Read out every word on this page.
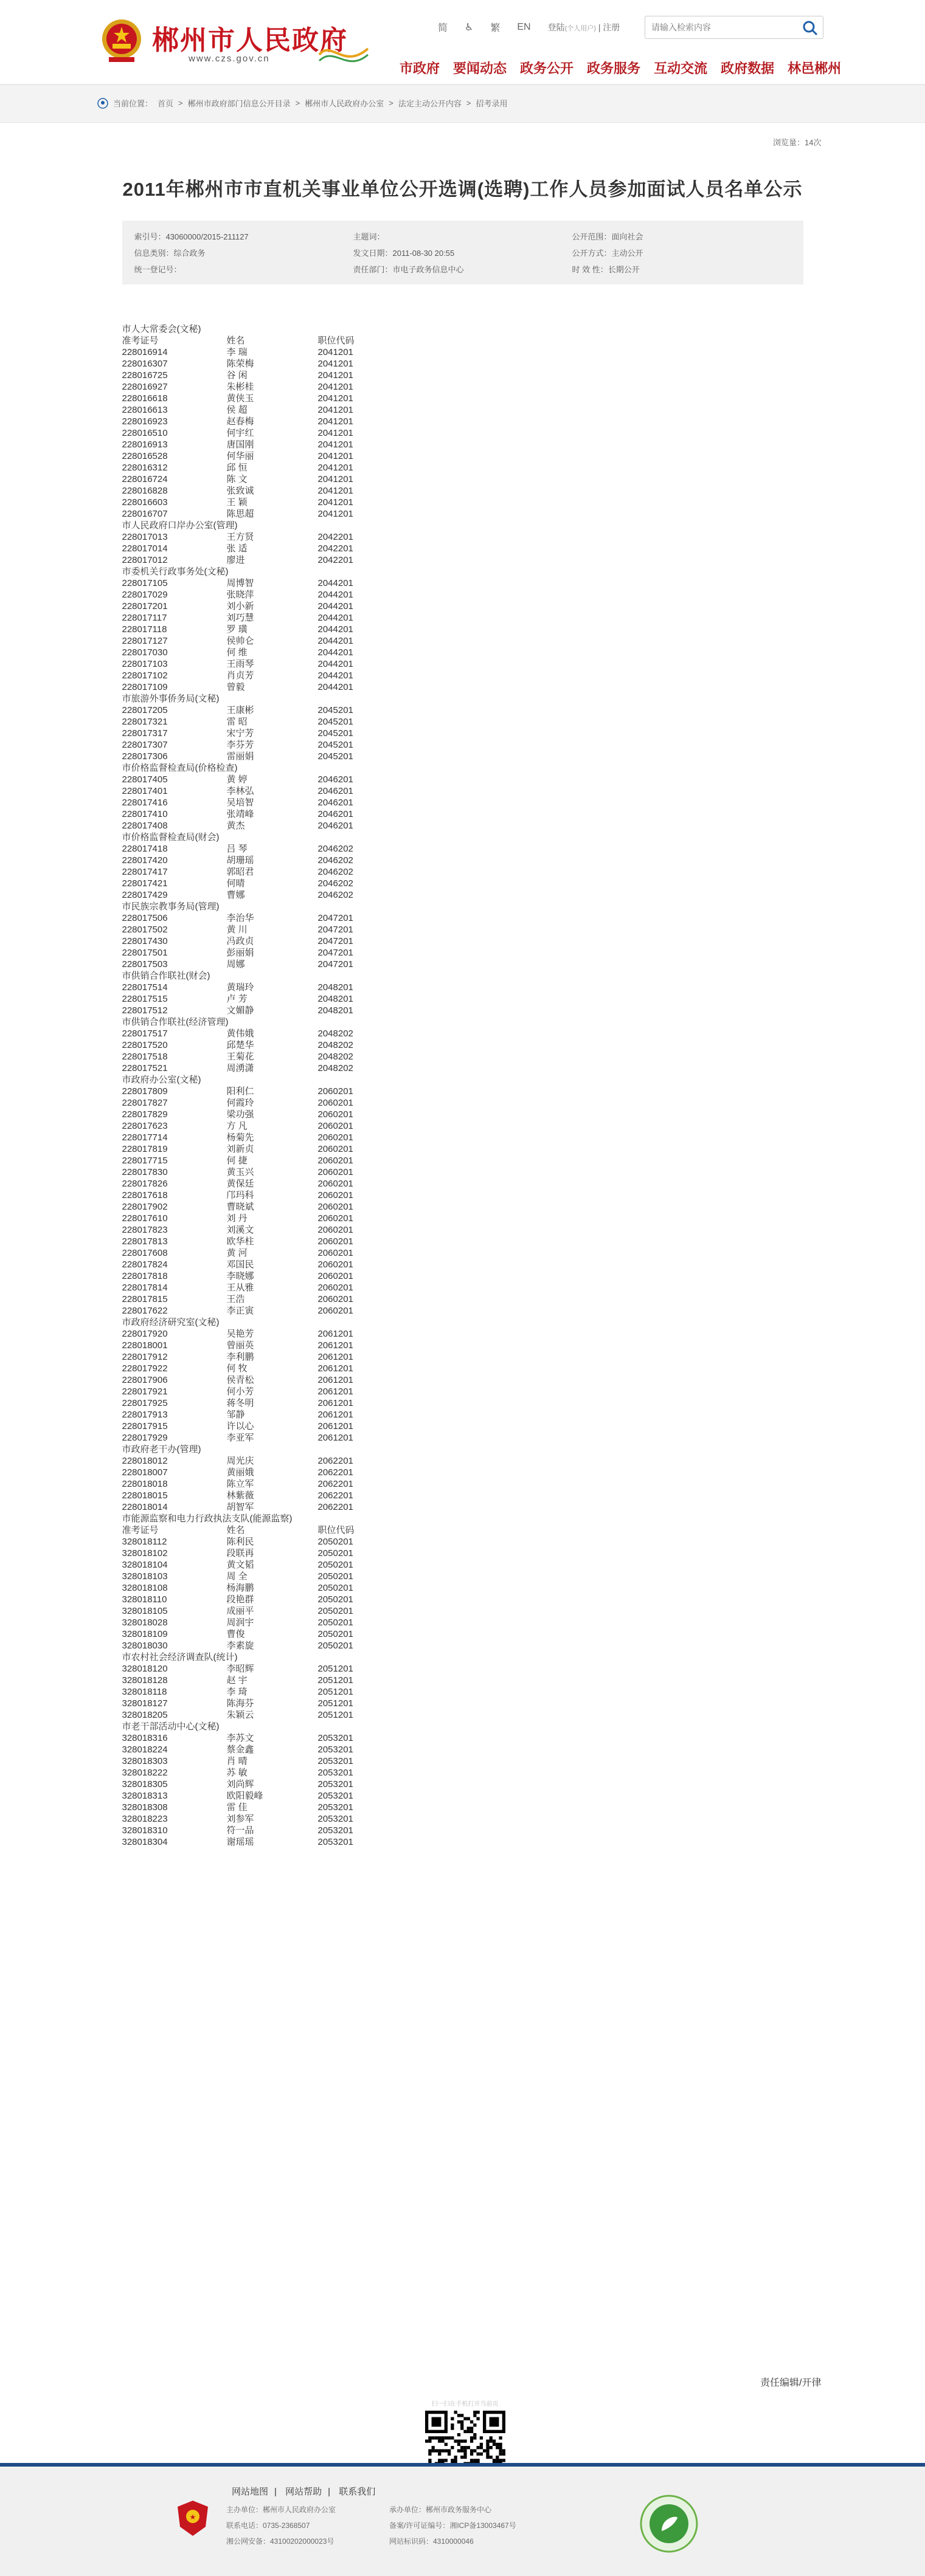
郴州市人民政府
www.czs.gov.cn
简 ♿ 繁 EN 登陆(个人用户) | 注册
请输入检索内容
市政府	要闻动态	政务公开	政务服务	互动交流	政府数据	林邑郴州
当前位置： 首页 > 郴州市政府部门信息公开目录 > 郴州市人民政府办公室 > 法定主动公开内容 > 招考录用
浏览量：14次
2011年郴州市市直机关事业单位公开选调(选聘)工作人员参加面试人员名单公示
索引号：43060000/2015-211127	主题词：	公开范围：面向社会
信息类别：综合政务	发文日期：2011-08-30 20:55	公开方式：主动公开
统一登记号：	责任部门：市电子政务信息中心	时 效 性：长期公开
市人大常委会(文秘)
准考证号	姓名	职位代码
228016914	李 瑞	2041201
228016307	陈荣梅	2041201
228016725	谷 闲	2041201
228016927	朱彬桂	2041201
228016618	黄侠玉	2041201
228016613	侯 超	2041201
228016923	赵春梅	2041201
228016510	何宇红	2041201
228016913	唐国刚	2041201
228016528	何华丽	2041201
228016312	邱 恒	2041201
228016724	陈 文	2041201
228016828	张致诚	2041201
228016603	王 颖	2041201
228016707	陈思超	2041201
市人民政府口岸办公室(管理)
228017013	王方贤	2042201
228017014	张 适	2042201
228017012	廖进	2042201
市委机关行政事务处(文秘)
228017105	周博智	2044201
228017029	张晓萍	2044201
228017201	刘小新	2044201
228017117	刘巧慧	2044201
228017118	罗 璜	2044201
228017127	侯帅仑	2044201
228017030	何 维	2044201
228017103	王雨琴	2044201
228017102	肖贞芳	2044201
228017109	曾毅	2044201
市旅游外事侨务局(文秘)
228017205	王康彬	2045201
228017321	雷 昭	2045201
228017317	宋宁芳	2045201
228017307	李芬芳	2045201
228017306	雷丽娟	2045201
市价格监督检查局(价格检查)
228017405	黄 婷	2046201
228017401	李林弘	2046201
228017416	吴培智	2046201
228017410	张靖峰	2046201
228017408	黄杰	2046201
市价格监督检查局(财会)
228017418	吕 琴	2046202
228017420	胡珊瑶	2046202
228017417	郭昭君	2046202
228017421	何晴	2046202
228017429	曹娜	2046202
市民族宗教事务局(管理)
228017506	李治华	2047201
228017502	黄 川	2047201
228017430	冯政贞	2047201
228017501	彭丽娟	2047201
228017503	周娜	2047201
市供销合作联社(财会)
228017514	黄瑞玲	2048201
228017515	卢 芳	2048201
228017512	文媚静	2048201
市供销合作联社(经济管理)
228017517	黄伟娥	2048202
228017520	邱楚华	2048202
228017518	王菊花	2048202
228017521	周湧潇	2048202
市政府办公室(文秘)
228017809	阳利仁	2060201
228017827	何霞玲	2060201
228017829	梁功强	2060201
228017623	方 凡	2060201
228017714	杨菊先	2060201
228017819	刘新贞	2060201
228017715	何 捷	2060201
228017830	黄玉兴	2060201
228017826	黄保廷	2060201
228017618	邝玛科	2060201
228017902	曹晓斌	2060201
228017610	刘 丹	2060201
228017823	刘溪文	2060201
228017813	欧华柱	2060201
228017608	黄 河	2060201
228017824	邓国民	2060201
228017818	李晓娜	2060201
228017814	王从雅	2060201
228017815	王浩	2060201
228017622	李正寅	2060201
市政府经济研究室(文秘)
228017920	吴艳芳	2061201
228018001	曾丽英	2061201
228017912	李利鹏	2061201
228017922	何 牧	2061201
228017906	侯青松	2061201
228017921	何小芳	2061201
228017925	蒋冬明	2061201
228017913	邹静	2061201
228017915	许以心	2061201
228017929	李亚军	2061201
市政府老干办(管理)
228018012	周光庆	2062201
228018007	黄丽娥	2062201
228018018	陈立军	2062201
228018015	林紫薇	2062201
228018014	胡智军	2062201
市能源监察和电力行政执法支队(能源监察)
准考证号	姓名	职位代码
328018112	陈利民	2050201
328018102	段联再	2050201
328018104	黄文韬	2050201
328018103	周 全	2050201
328018108	杨海鹏	2050201
328018110	段艳群	2050201
328018105	成丽平	2050201
328018028	周润宇	2050201
328018109	曹俊	2050201
328018030	李素旋	2050201
市农村社会经济调查队(统计)
328018120	李昭辉	2051201
328018128	赵 宇	2051201
328018118	李 琦	2051201
328018127	陈海芬	2051201
328018205	朱颖云	2051201
市老干部活动中心(文秘)
328018316	李苏文	2053201
328018224	蔡金鑫	2053201
328018303	肖 晴	2053201
328018222	苏 敏	2053201
328018305	刘尚辉	2053201
328018313	欧阳毅峰	2053201
328018308	雷 佳	2053201
328018223	刘参军	2053201
328018310	符一品	2053201
328018304	谢瑶瑶	2053201
责任编辑/开律
扫一扫在手机打开当前页

网站地图 | 网站帮助 | 联系我们
★
主办单位：郴州市人民政府办公室
联系电话：0735-2368507
湘公网安备：43100202000023号
承办单位：郴州市政务服务中心
备案/许可证编号：湘ICP备13003467号
网站标识码：4310000046
